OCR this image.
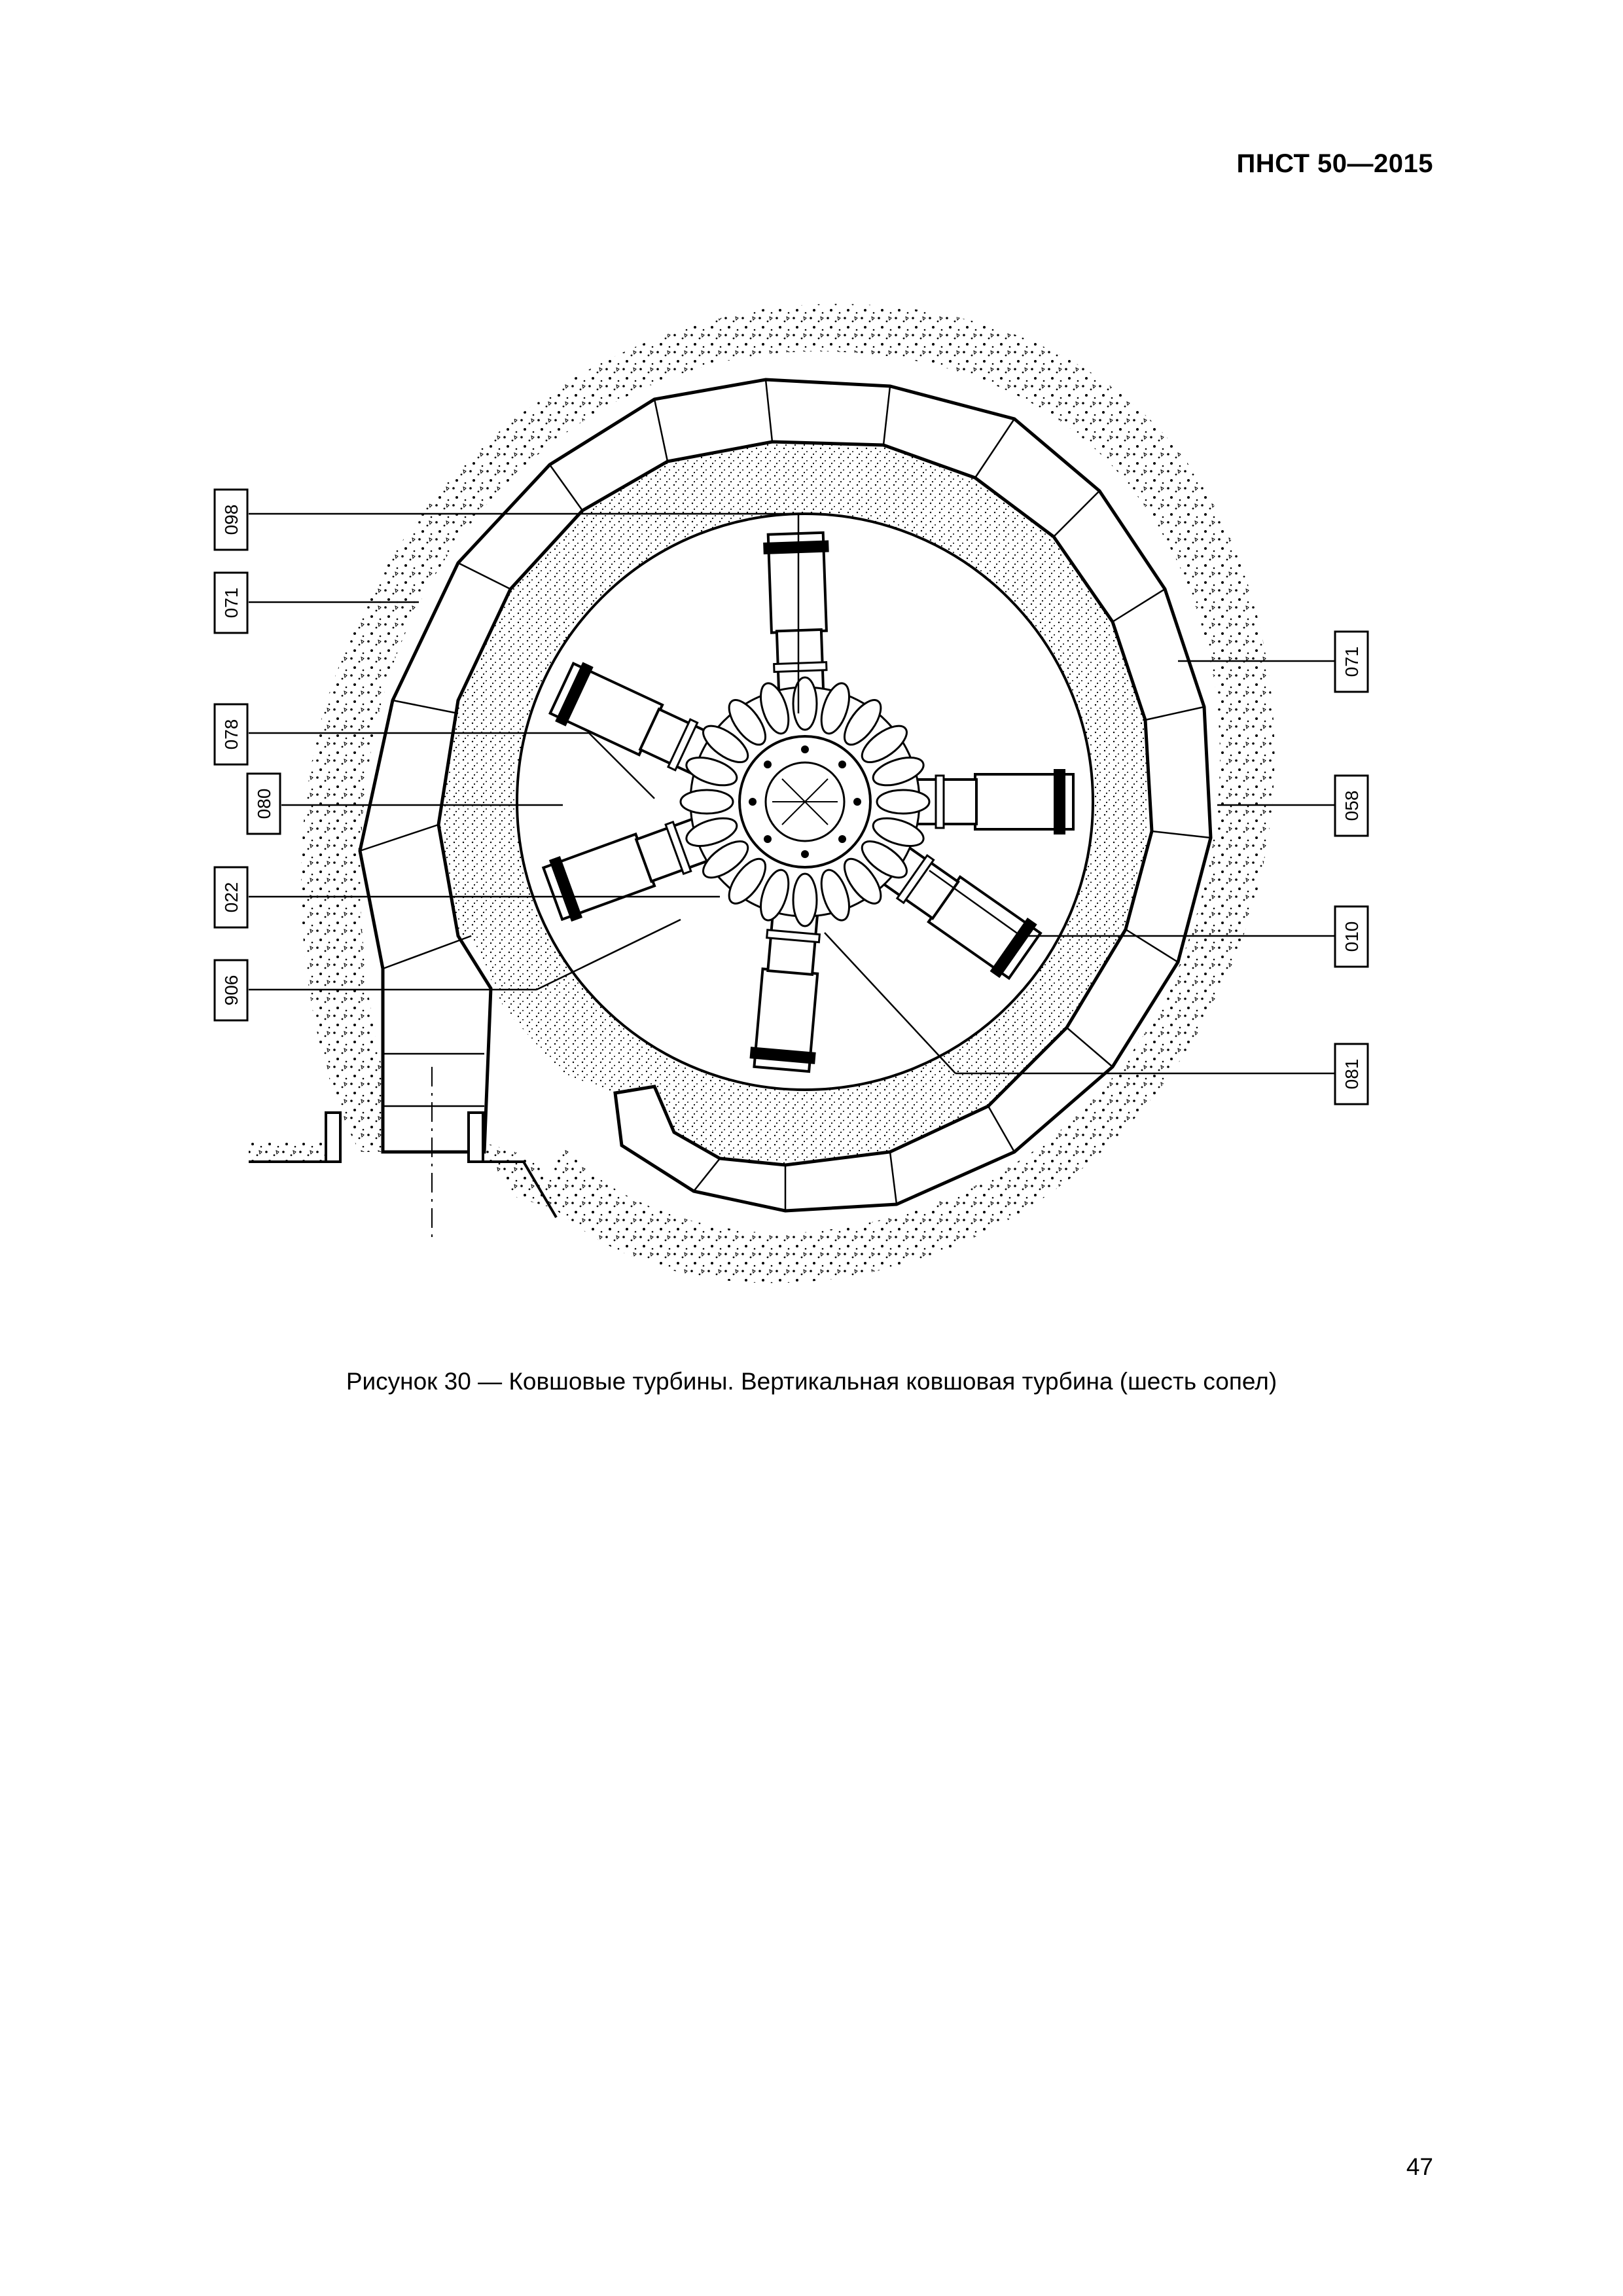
ПНСТ 50—2015
098
071
078
080
022
906
071
058
010
081
Рисунок 30 — Ковшовые турбины. Вертикальная ковшовая турбина (шесть сопел)
47
